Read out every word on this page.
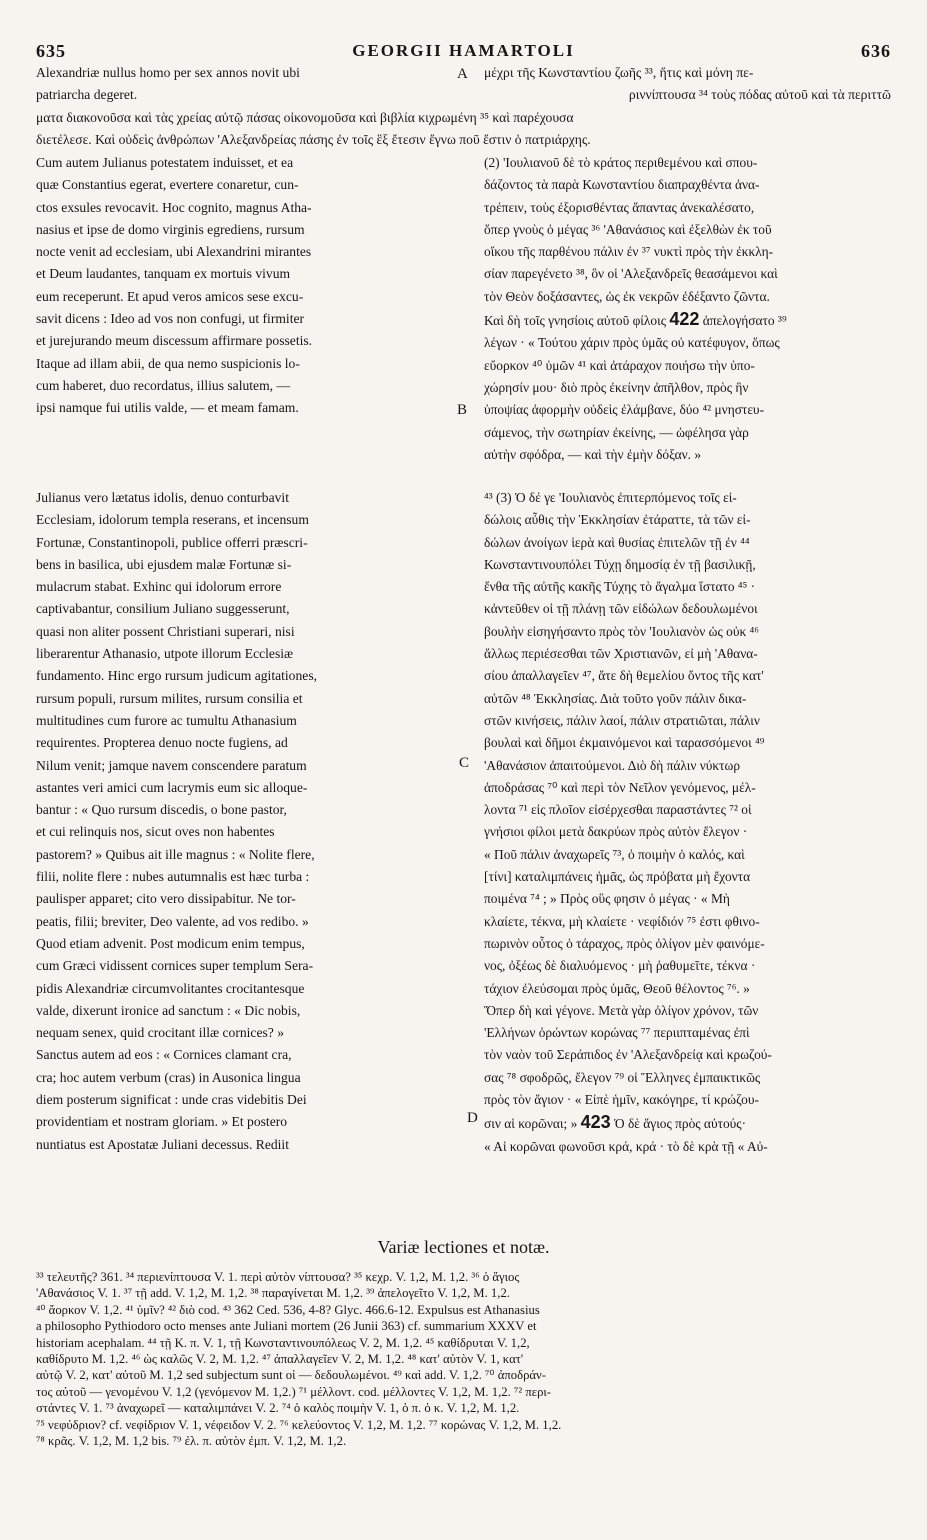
635	GEORGII HAMARTOLI	636
Alexandriæ nullus homo per sex annos novit ubi	μέχρι τῆς Κωνσταντίου ζωῆς ³³, ἥτις καὶ μόνη πε-
patriarcha degeret.	ριννίπτουσα ³⁴ τοὺς πόδας αὐτοῦ καὶ τὰ περιττῶ
ματα διακονοῦσα καὶ τὰς χρείας αὐτῷ πάσας οἰκονομοῦσα καὶ βιβλία κιχρωμένη ³⁵ καὶ παρέχουσα
διετέλεσε. Καὶ οὐδεὶς ἀνθρώπων 'Αλεξανδρείας πάσης ἐν τοῖς ἓξ ἔτεσιν ἔγνω ποῦ ἔστιν ὁ πατριάρχης.
A
Cum autem Julianus potestatem induisset, et ea
quæ Constantius egerat, evertere conaretur, cun-
ctos exsules revocavit. Hoc cognito, magnus Atha-
nasius et ipse de domo virginis egrediens, rursum
nocte venit ad ecclesiam, ubi Alexandrini mirantes
et Deum laudantes, tanquam ex mortuis vivum
eum receperunt. Et apud veros amicos sese excu-
savit dicens : Ideo ad vos non confugi, ut firmiter
et jurejurando meum discessum affirmare possetis.
Itaque ad illam abii, de qua nemo suspicionis lo-
cum haberet, duo recordatus, illius salutem, —
ipsi namque fui utilis valde, — et meam famam.
(2) 'Ιουλιανοῦ δὲ τὸ κράτος περιθεμένου καὶ σπου-
δάζοντος τὰ παρὰ Κωνσταντίου διαπραχθέντα ἀνα-
τρέπειν, τοὺς ἐξορισθέντας ἅπαντας ἀνεκαλέσατο,
ὅπερ γνοὺς ὁ μέγας ³⁶ 'Αθανάσιος καὶ ἐξελθὼν ἐκ τοῦ
οἴκου τῆς παρθένου πάλιν ἐν ³⁷ νυκτὶ πρὸς τὴν ἐκκλη-
σίαν παρεγένετο ³⁸, ὃν οἱ 'Αλεξανδρεῖς θεασάμενοι καὶ
τὸν Θεὸν δοξάσαντες, ὡς ἐκ νεκρῶν ἐδέξαντο ζῶντα.
Καὶ δὴ τοῖς γνησίοις αὐτοῦ φίλοις 422 ἀπελογήσατο ³⁹
λέγων · « Τούτου χάριν πρὸς ὑμᾶς οὐ κατέφυγον, ὅπως
εὔορκον ⁴⁰ ὑμῶν ⁴¹ καὶ ἀτάραχον ποιήσω τὴν ὑπο-
χώρησίν μου· διὸ πρὸς ἐκείνην ἀπῆλθον, πρὸς ἣν
ὑποψίας ἀφορμὴν οὐδεὶς ἐλάμβανε, δύο ⁴² μνηστευ-
σάμενος, τὴν σωτηρίαν ἐκείνης, — ὠφέλησα γὰρ
αὐτὴν σφόδρα, — καὶ τὴν ἐμὴν δόξαν. »
B
Julianus vero lætatus idolis, denuo conturbavit
Ecclesiam, idolorum templa reserans, et incensum
Fortunæ, Constantinopoli, publice offerri præscri-
bens in basilica, ubi ejusdem malæ Fortunæ si-
mulacrum stabat. Exhinc qui idolorum errore
captivabantur, consilium Juliano suggesserunt,
quasi non aliter possent Christiani superari, nisi
liberarentur Athanasio, utpote illorum Ecclesiæ
fundamento. Hinc ergo rursum judicum agitationes,
rursum populi, rursum milites, rursum consilia et
multitudines cum furore ac tumultu Athanasium
requirentes. Propterea denuo nocte fugiens, ad
Nilum venit; jamque navem conscendere paratum
astantes veri amici cum lacrymis eum sic alloque-
bantur : « Quo rursum discedis, o bone pastor,
et cui relinquis nos, sicut oves non habentes
pastorem? » Quibus ait ille magnus : « Nolite flere,
filii, nolite flere : nubes autumnalis est hæc turba :
paulisper apparet; cito vero dissipabitur. Ne tor-
peatis, filii; breviter, Deo valente, ad vos redibo. »
Quod etiam advenit. Post modicum enim tempus,
cum Græci vidissent cornices super templum Sera-
pidis Alexandriæ circumvolitantes crocitantesque
valde, dixerunt ironice ad sanctum : « Dic nobis,
nequam senex, quid crocitant illæ cornices? »
Sanctus autem ad eos : « Cornices clamant cra,
cra; hoc autem verbum (cras) in Ausonica lingua
diem posterum significat : unde cras videbitis Dei
providentiam et nostram gloriam. » Et postero
nuntiatus est Apostatæ Juliani decessus. Rediit
⁴³ (3) Ὁ δέ γε 'Ιουλιανὸς ἐπιτερπόμενος τοῖς εἰ-
δώλοις αὖθις τὴν Ἐκκλησίαν ἐτάραττε, τὰ τῶν εἰ-
δώλων ἀνοίγων ἱερὰ καὶ θυσίας ἐπιτελῶν τῇ ἐν ⁴⁴
Κωνσταντινουπόλει Τύχῃ δημοσίᾳ ἐν τῇ βασιλικῇ,
ἔνθα τῆς αὐτῆς κακῆς Τύχης τὸ ἄγαλμα ἵστατο ⁴⁵ ·
κἀντεῦθεν οἱ τῇ πλάνῃ τῶν εἰδώλων δεδουλωμένοι
βουλὴν εἰσηγήσαντο πρὸς τὸν 'Ιουλιανὸν ὡς οὐκ ⁴⁶
ἄλλως περιέσεσθαι τῶν Χριστιανῶν, εἰ μὴ 'Αθανα-
σίου ἀπαλλαγεῖεν ⁴⁷, ἅτε δὴ θεμελίου ὄντος τῆς κατ'
αὐτῶν ⁴⁸ Ἐκκλησίας. Διὰ τοῦτο γοῦν πάλιν δικα-
στῶν κινήσεις, πάλιν λαοί, πάλιν στρατιῶται, πάλιν
βουλαὶ καὶ δῆμοι ἐκμαινόμενοι καὶ ταρασσόμενοι ⁴⁹
'Αθανάσιον ἀπαιτούμενοι. Διὸ δὴ πάλιν νύκτωρ
ἀποδράσας ⁷⁰ καὶ περὶ τὸν Νεῖλον γενόμενος, μέλ-
λοντα ⁷¹ εἰς πλοῖον εἰσέρχεσθαι παραστάντες ⁷² οἱ
γνήσιοι φίλοι μετὰ δακρύων πρὸς αὐτὸν ἔλεγον ·
« Ποῦ πάλιν ἀναχωρεῖς ⁷³, ὁ ποιμὴν ὁ καλός, καὶ
[τίνι] καταλιμπάνεις ἡμᾶς, ὡς πρόβατα μὴ ἔχοντα
ποιμένα ⁷⁴ ; » Πρὸς οὓς φησιν ὁ μέγας · « Μὴ
κλαίετε, τέκνα, μὴ κλαίετε · νεφίδιόν ⁷⁵ ἐστι φθινο-
πωρινὸν οὗτος ὁ τάραχος, πρὸς ὀλίγον μὲν φαινόμε-
νος, ὀξέως δὲ διαλυόμενος · μὴ ῥαθυμεῖτε, τέκνα ·
τάχιον ἐλεύσομαι πρὸς ὑμᾶς, Θεοῦ θέλοντος ⁷⁶. »
Ὅπερ δὴ καὶ γέγονε. Μετὰ γὰρ ὀλίγον χρόνον, τῶν
'Ελλήνων ὁρώντων κορώνας ⁷⁷ περιιπταμένας ἐπὶ
τὸν ναὸν τοῦ Σεράπιδος ἐν 'Αλεξανδρείᾳ καὶ κρωζού-
σας ⁷⁸ σφοδρῶς, ἔλεγον ⁷⁹ οἱ Ἕλληνες ἐμπαικτικῶς
πρὸς τὸν ἅγιον · « Εἰπὲ ἡμῖν, κακόγηρε, τί κρώζου-
σιν αἱ κορῶναι; » 423 Ὁ δὲ ἅγιος πρὸς αὐτούς·
« Αἱ κορῶναι φωνοῦσι κρά, κρά · τὸ δὲ κρὰ τῇ « Αὐ-
C
D
Variæ lectiones et notæ.
³³ τελευτῆς? 361. ³⁴ περιενίπτουσα V. 1. περὶ αὐτὸν νίπτουσα? ³⁵ κεχρ. V. 1,2, M. 1,2. ³⁶ ὁ ἅγιος
'Αθανάσιος V. 1. ³⁷ τῇ add. V. 1,2, M. 1,2. ³⁸ παραγίνεται M. 1,2. ³⁹ ἀπελογεῖτο V. 1,2, M. 1,2.
⁴⁰ ἄορκον V. 1,2. ⁴¹ ὑμῖν? ⁴² διὸ cod. ⁴³ 362 Ced. 536, 4-8? Glyc. 466.6-12. Expulsus est Athanasius
a philosopho Pythiodoro octo menses ante Juliani mortem (26 Junii 363) cf. summarium XXXV et
historiam acephalam. ⁴⁴ τῇ K. π. V. 1, τῇ Κωνσταντινουπόλεως V. 2, M. 1,2. ⁴⁵ καθίδρυται V. 1,2,
καθίδρυτο M. 1,2. ⁴⁶ ὡς καλῶς V. 2, M. 1,2. ⁴⁷ ἀπαλλαγεῖεν V. 2, M. 1,2. ⁴⁸ κατ' αὐτὸν V. 1, κατ'
αὐτῷ V. 2, κατ' αὐτοῦ M. 1,2 sed subjectum sunt οἱ — δεδουλωμένοι. ⁴⁹ καὶ add. V. 1,2. ⁷⁰ ἀποδράν-
τος αὐτοῦ — γενομένου V. 1,2 (γενόμενον M. 1,2.) ⁷¹ μέλλοντ. cod. μέλλοντες V. 1,2, M. 1,2. ⁷² περι-
στάντες V. 1. ⁷³ ἀναχωρεῖ — καταλιμπάνει V. 2. ⁷⁴ ὁ καλὸς ποιμὴν V. 1, ὁ π. ὁ κ. V. 1,2, M. 1,2.
⁷⁵ νεφύδριον? cf. νεφίδριον V. 1, νέφειδον V. 2. ⁷⁶ κελεύοντος V. 1,2, M. 1,2. ⁷⁷ κορώνας V. 1,2, M. 1,2.
⁷⁸ κρᾶς. V. 1,2, M. 1,2 bis. ⁷⁹ ἐλ. π. αὐτὸν ἐμπ. V. 1,2, M. 1,2.
